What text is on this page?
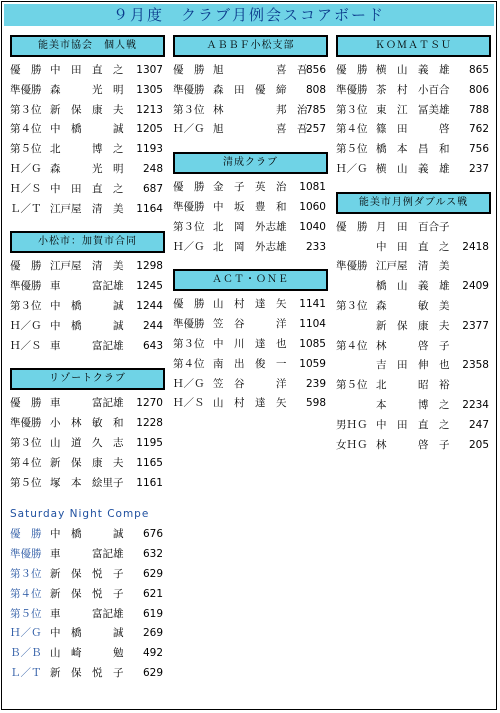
９月度　クラブ月例会スコアボード
能美市協会　個人戦
優　勝 中　田　直　之 1307
準優勝 森　　　光　明 1305
第３位 新　保　康　夫 1213
第４位 中　橋　　　誠 1205
第５位 北　　　博　之 1193
Ｈ／Ｇ 森　　　光　明 248
Ｈ／Ｓ 中　田　直　之 687
Ｌ／Ｔ 江戸屋　清　美 1164
小松市：加賀市合同
優　勝 江戸屋　清　美 1298
準優勝 車　　　富記雄 1245
第３位 中　橋　　　誠 1244
Ｈ／Ｇ 中　橋　　　誠 244
Ｈ／Ｓ 車　　　富記雄 643
リゾートクラブ
優　勝 車　　　富記雄 1270
準優勝 小　林　敏　和 1228
第３位 山　道　久　志 1195
第４位 新　保　康　夫 1165
第５位 塚　本　絵里子 1161
Saturday Night Compe
優　勝 中　橋　　　誠 676
準優勝 車　　　富記雄 632
第３位 新　保　悦　子 629
第４位 新　保　悦　子 621
第５位 車　　　富記雄 619
Ｈ／Ｇ 中　橋　　　誠 269
Ｂ／Ｂ 山　崎　　　勉 492
Ｌ／Ｔ 新　保　悦　子 629
ＡＢＢＦ小松支部
優　勝 旭　　　　　喜　吾
856
準優勝 森　田　優　締 808
第３位 林　　　　　邦　治
785
Ｈ／Ｇ 旭　　　　　喜　吾
257
清成クラブ
優　勝 金　子　英　治 1081
準優勝 中　坂　豊　和 1060
第３位 北　岡　外志雄 1040
Ｈ／Ｇ 北　岡　外志雄 233
ＡＣＴ・ＯＮＥ
優　勝 山　村　達　矢 1141
準優勝 笠　谷　　　洋 1104
第３位 中　川　達　也 1085
第４位 南　出　俊　一 1059
Ｈ／Ｇ 笠　谷　　　洋 239
Ｈ／Ｓ 山　村　達　矢 598
ＫＯＭＡＴＳＵ
優　勝 横　山　義　雄 865
準優勝 茶　村　小百合 806
第３位 東　江　冨美雄 788
第４位 篠　田　　　啓 762
第５位 橋　本　昌　和 756
Ｈ／Ｇ 横　山　義　雄 237
能美市月例ダブルス戦
優　勝 月　田　百合子
中　田　直　之 2418
準優勝 江戸屋　清　美
橋　山　義　雄 2409
第３位 森　　　敏　美
新　保　康　夫 2377
第４位 林　　　啓　子
吉　田　伸　也 2358
第５位 北　　　昭　裕
本　　　博　之 2234
男ＨＧ 中　田　直　之 247
女ＨＧ 林　　　啓　子 205
